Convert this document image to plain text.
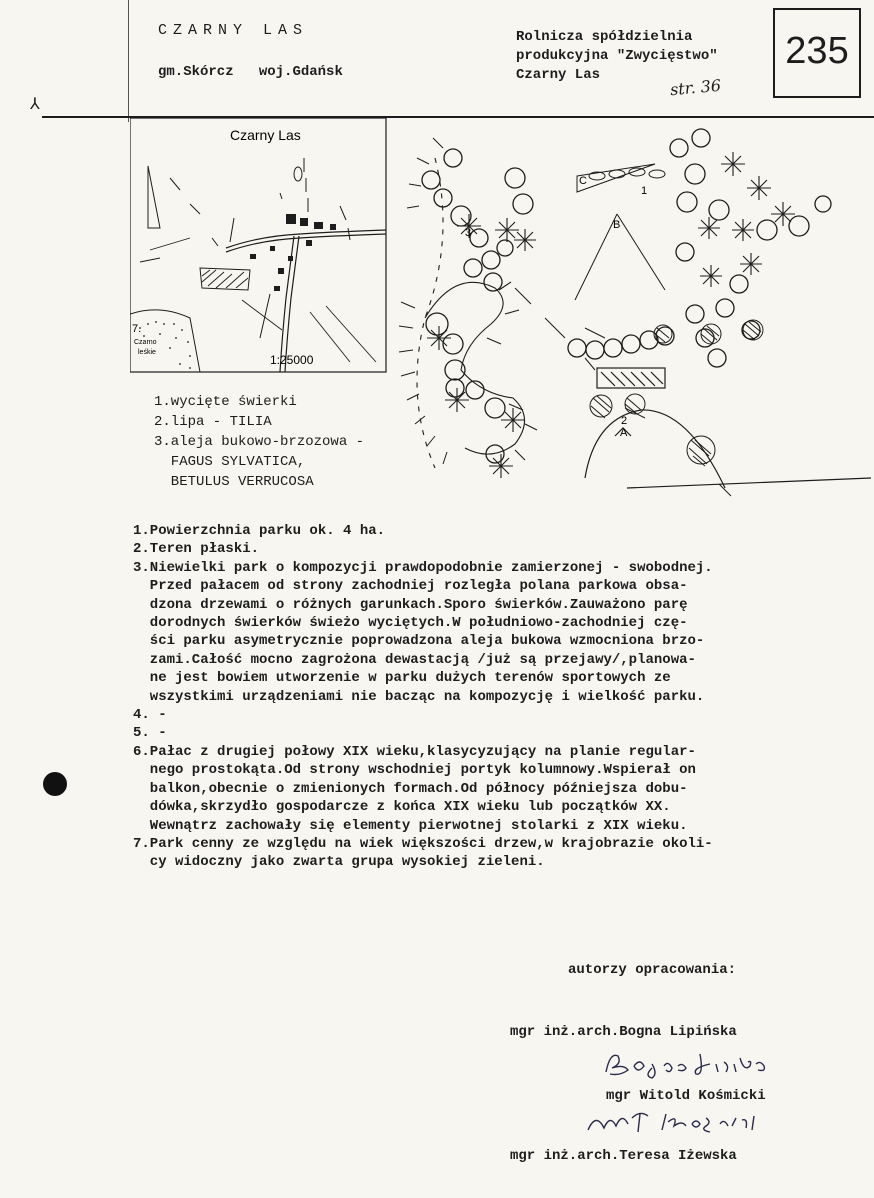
CZARNY LAS
gm.Skórcz woj.Gdańsk
Rolnicza spółdzielnia
produkcyjna "Zwycięstwo"
Czarny Las
str. 36
235
⅄
Czarny Las
7.
Czarno
leśkie
1:25000
1
2
3
A
B
C
1.wycięte świerki
2.lipa - TILIA
3.aleja bukowo-brzozowa -
FAGUS SYLVATICA,
BETULUS VERRUCOSA
1.Powierzchnia parku ok. 4 ha.
2.Teren płaski.
3.Niewielki park o kompozycji prawdopodobnie zamierzonej - swobodnej.
Przed pałacem od strony zachodniej rozległa polana parkowa obsa-
dzona drzewami o różnych garunkach.Sporo świerków.Zauważono parę
dorodnych świerków świeżo wyciętych.W południowo-zachodniej czę-
ści parku asymetrycznie poprowadzona aleja bukowa wzmocniona brzo-
zami.Całość mocno zagrożona dewastacją /już są przejawy/,planowa-
ne jest bowiem utworzenie w parku dużych terenów sportowych ze
wszystkimi urządzeniami nie bacząc na kompozycję i wielkość parku.
4. -
5. -
6.Pałac z drugiej połowy XIX wieku,klasycyzujący na planie regular-
nego prostokąta.Od strony wschodniej portyk kolumnowy.Wspierał on
balkon,obecnie o zmienionych formach.Od północy późniejsza dobu-
dówka,skrzydło gospodarcze z końca XIX wieku lub początków XX.
Wewnątrz zachowały się elementy pierwotnej stolarki z XIX wieku.
7.Park cenny ze względu na wiek większości drzew,w krajobrazie okoli-
cy widoczny jako zwarta grupa wysokiej zieleni.
autorzy opracowania:
mgr inż.arch.Bogna Lipińska
mgr Witold Kośmicki
mgr inż.arch.Teresa Iżewska
